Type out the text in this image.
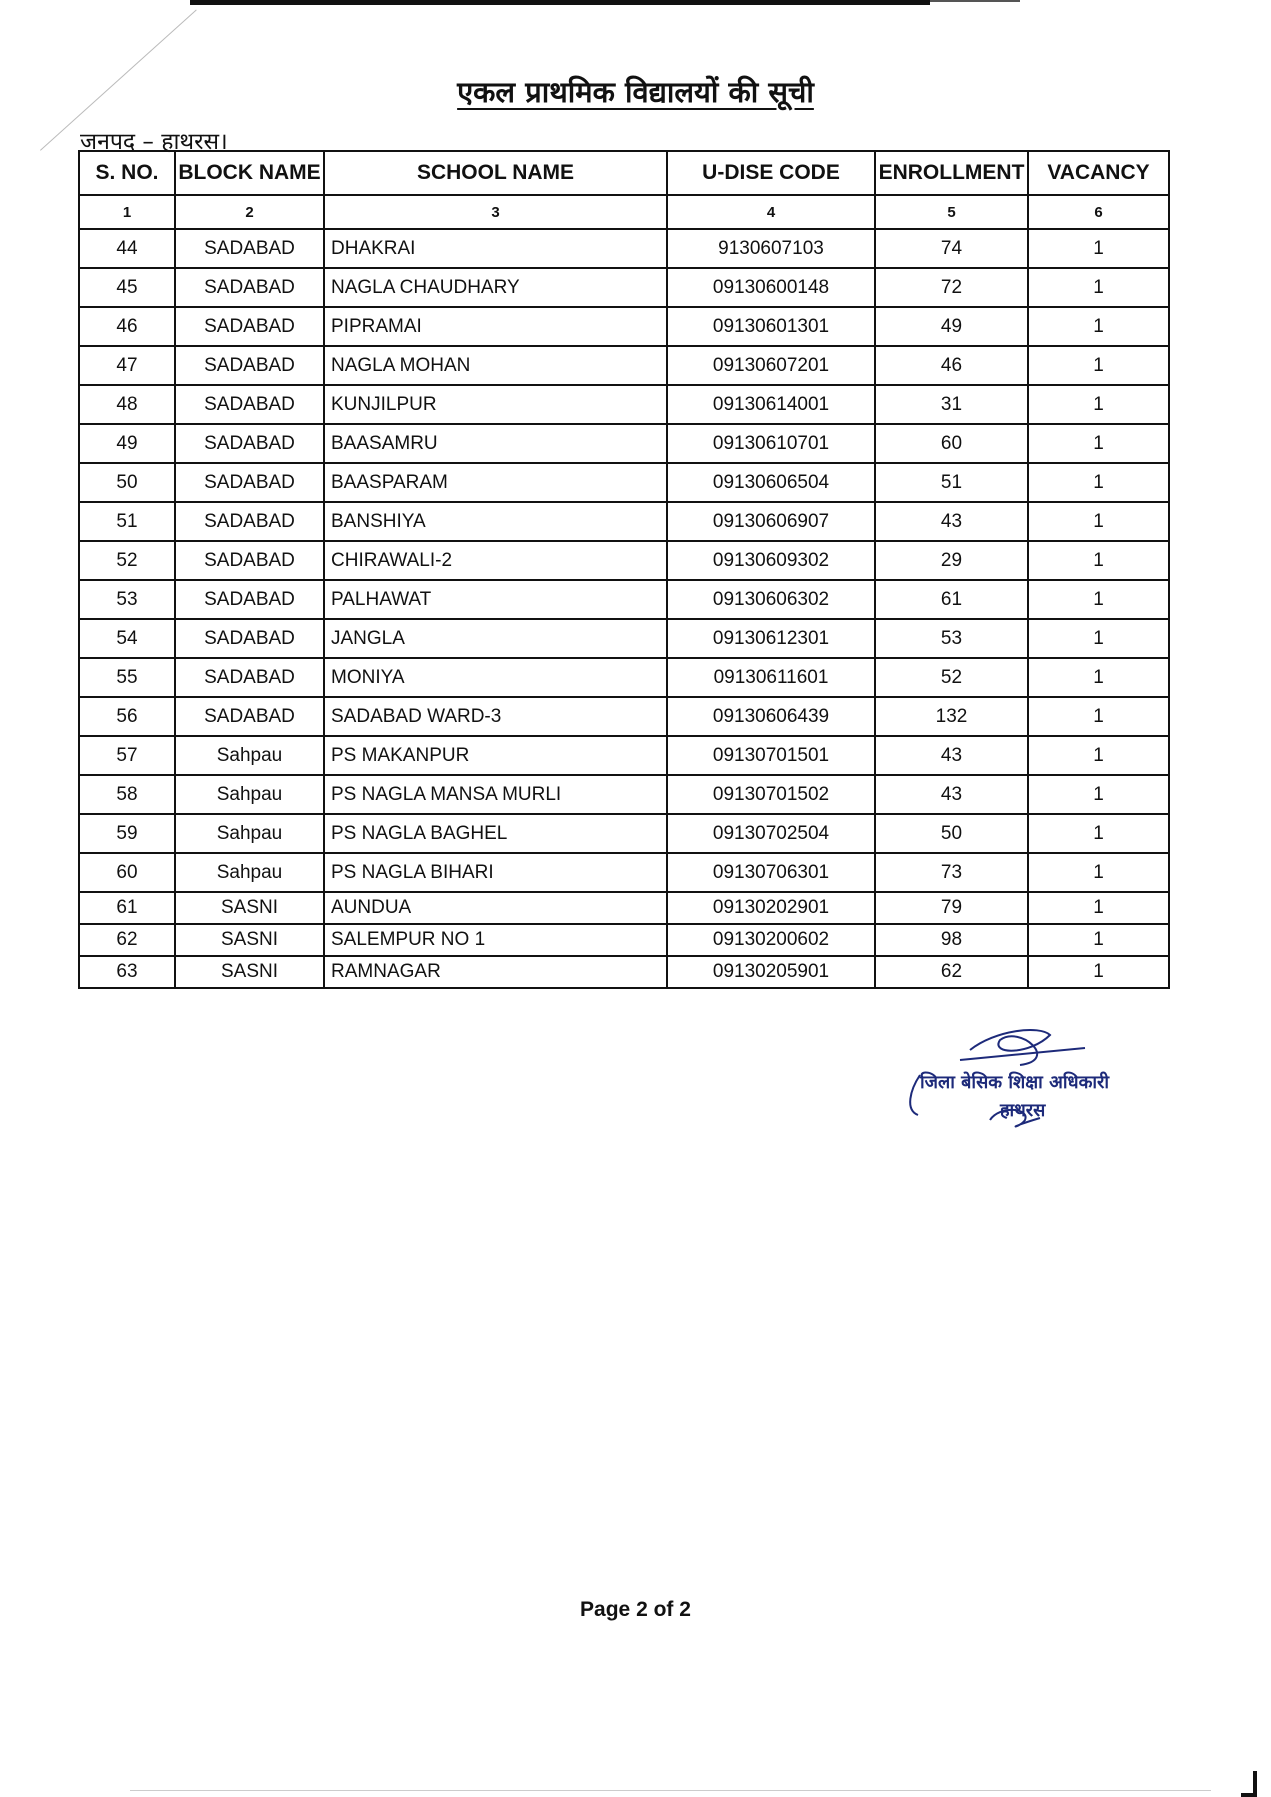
एकल प्राथमिक विद्यालयों की सूची
जनपद – हाथरस।
S. NO.	BLOCK NAME	SCHOOL NAME	U-DISE CODE	ENROLLMENT	VACANCY
1	2	3	4	5	6
44	SADABAD	DHAKRAI	9130607103	74	1
45	SADABAD	NAGLA CHAUDHARY	09130600148	72	1
46	SADABAD	PIPRAMAI	09130601301	49	1
47	SADABAD	NAGLA MOHAN	09130607201	46	1
48	SADABAD	KUNJILPUR	09130614001	31	1
49	SADABAD	BAASAMRU	09130610701	60	1
50	SADABAD	BAASPARAM	09130606504	51	1
51	SADABAD	BANSHIYA	09130606907	43	1
52	SADABAD	CHIRAWALI-2	09130609302	29	1
53	SADABAD	PALHAWAT	09130606302	61	1
54	SADABAD	JANGLA	09130612301	53	1
55	SADABAD	MONIYA	09130611601	52	1
56	SADABAD	SADABAD WARD-3	09130606439	132	1
57	Sahpau	PS MAKANPUR	09130701501	43	1
58	Sahpau	PS NAGLA MANSA MURLI	09130701502	43	1
59	Sahpau	PS NAGLA BAGHEL	09130702504	50	1
60	Sahpau	PS NAGLA BIHARI	09130706301	73	1
61	SASNI	AUNDUA	09130202901	79	1
62	SASNI	SALEMPUR NO 1	09130200602	98	1
63	SASNI	RAMNAGAR	09130205901	62	1
जिला बेसिक शिक्षा अधिकारी
हाथरस
Page 2 of 2
